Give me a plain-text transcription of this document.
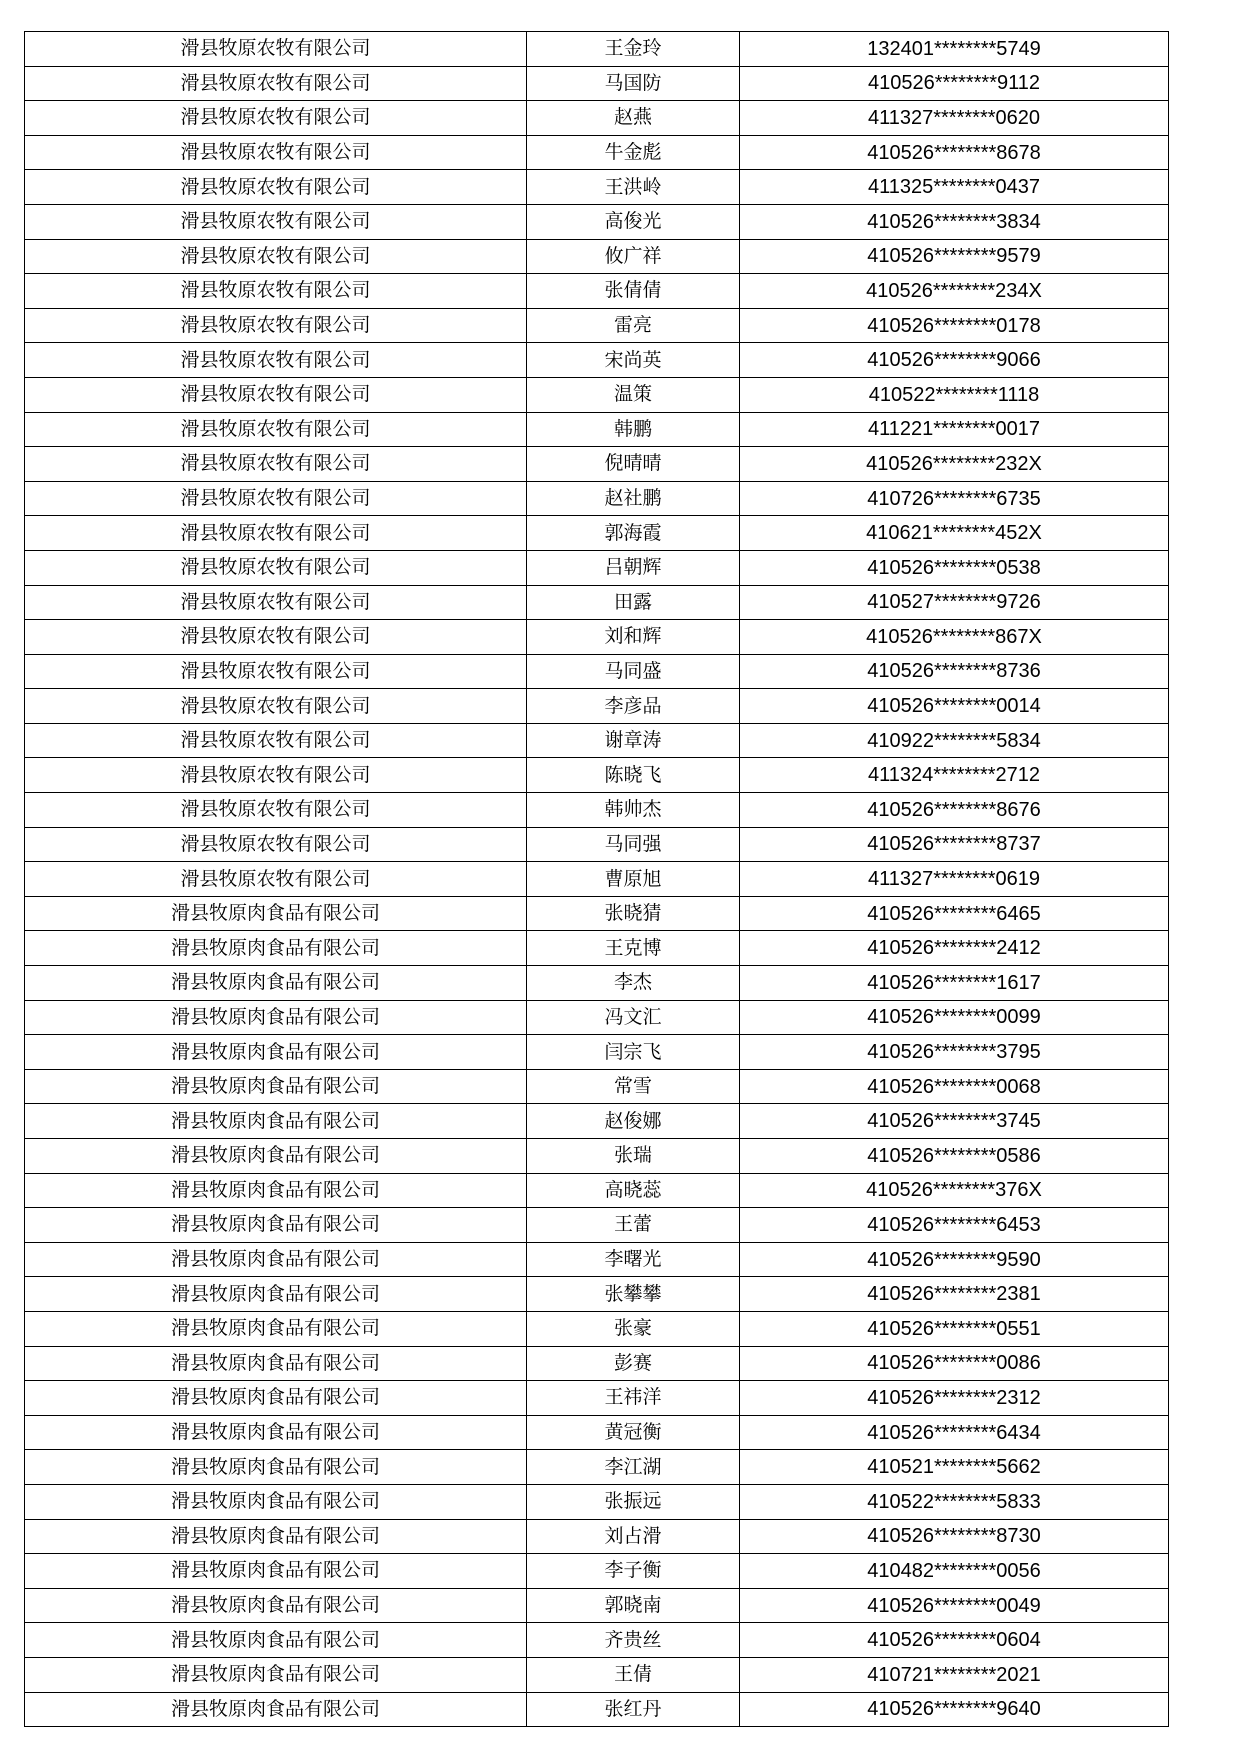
滑县牧原农牧有限公司	王金玲	132401********5749
滑县牧原农牧有限公司	马国防	410526********9112
滑县牧原农牧有限公司	赵燕	411327********0620
滑县牧原农牧有限公司	牛金彪	410526********8678
滑县牧原农牧有限公司	王洪岭	411325********0437
滑县牧原农牧有限公司	高俊光	410526********3834
滑县牧原农牧有限公司	攸广祥	410526********9579
滑县牧原农牧有限公司	张倩倩	410526********234X
滑县牧原农牧有限公司	雷亮	410526********0178
滑县牧原农牧有限公司	宋尚英	410526********9066
滑县牧原农牧有限公司	温策	410522********1118
滑县牧原农牧有限公司	韩鹏	411221********0017
滑县牧原农牧有限公司	倪晴晴	410526********232X
滑县牧原农牧有限公司	赵社鹏	410726********6735
滑县牧原农牧有限公司	郭海霞	410621********452X
滑县牧原农牧有限公司	吕朝辉	410526********0538
滑县牧原农牧有限公司	田露	410527********9726
滑县牧原农牧有限公司	刘和辉	410526********867X
滑县牧原农牧有限公司	马同盛	410526********8736
滑县牧原农牧有限公司	李彦品	410526********0014
滑县牧原农牧有限公司	谢章涛	410922********5834
滑县牧原农牧有限公司	陈晓飞	411324********2712
滑县牧原农牧有限公司	韩帅杰	410526********8676
滑县牧原农牧有限公司	马同强	410526********8737
滑县牧原农牧有限公司	曹原旭	411327********0619
滑县牧原肉食品有限公司	张晓猜	410526********6465
滑县牧原肉食品有限公司	王克博	410526********2412
滑县牧原肉食品有限公司	李杰	410526********1617
滑县牧原肉食品有限公司	冯文汇	410526********0099
滑县牧原肉食品有限公司	闫宗飞	410526********3795
滑县牧原肉食品有限公司	常雪	410526********0068
滑县牧原肉食品有限公司	赵俊娜	410526********3745
滑县牧原肉食品有限公司	张瑞	410526********0586
滑县牧原肉食品有限公司	高晓蕊	410526********376X
滑县牧原肉食品有限公司	王蕾	410526********6453
滑县牧原肉食品有限公司	李曙光	410526********9590
滑县牧原肉食品有限公司	张攀攀	410526********2381
滑县牧原肉食品有限公司	张豪	410526********0551
滑县牧原肉食品有限公司	彭赛	410526********0086
滑县牧原肉食品有限公司	王祎洋	410526********2312
滑县牧原肉食品有限公司	黄冠衡	410526********6434
滑县牧原肉食品有限公司	李江湖	410521********5662
滑县牧原肉食品有限公司	张振远	410522********5833
滑县牧原肉食品有限公司	刘占滑	410526********8730
滑县牧原肉食品有限公司	李子衡	410482********0056
滑县牧原肉食品有限公司	郭晓南	410526********0049
滑县牧原肉食品有限公司	齐贵丝	410526********0604
滑县牧原肉食品有限公司	王倩	410721********2021
滑县牧原肉食品有限公司	张红丹	410526********9640
